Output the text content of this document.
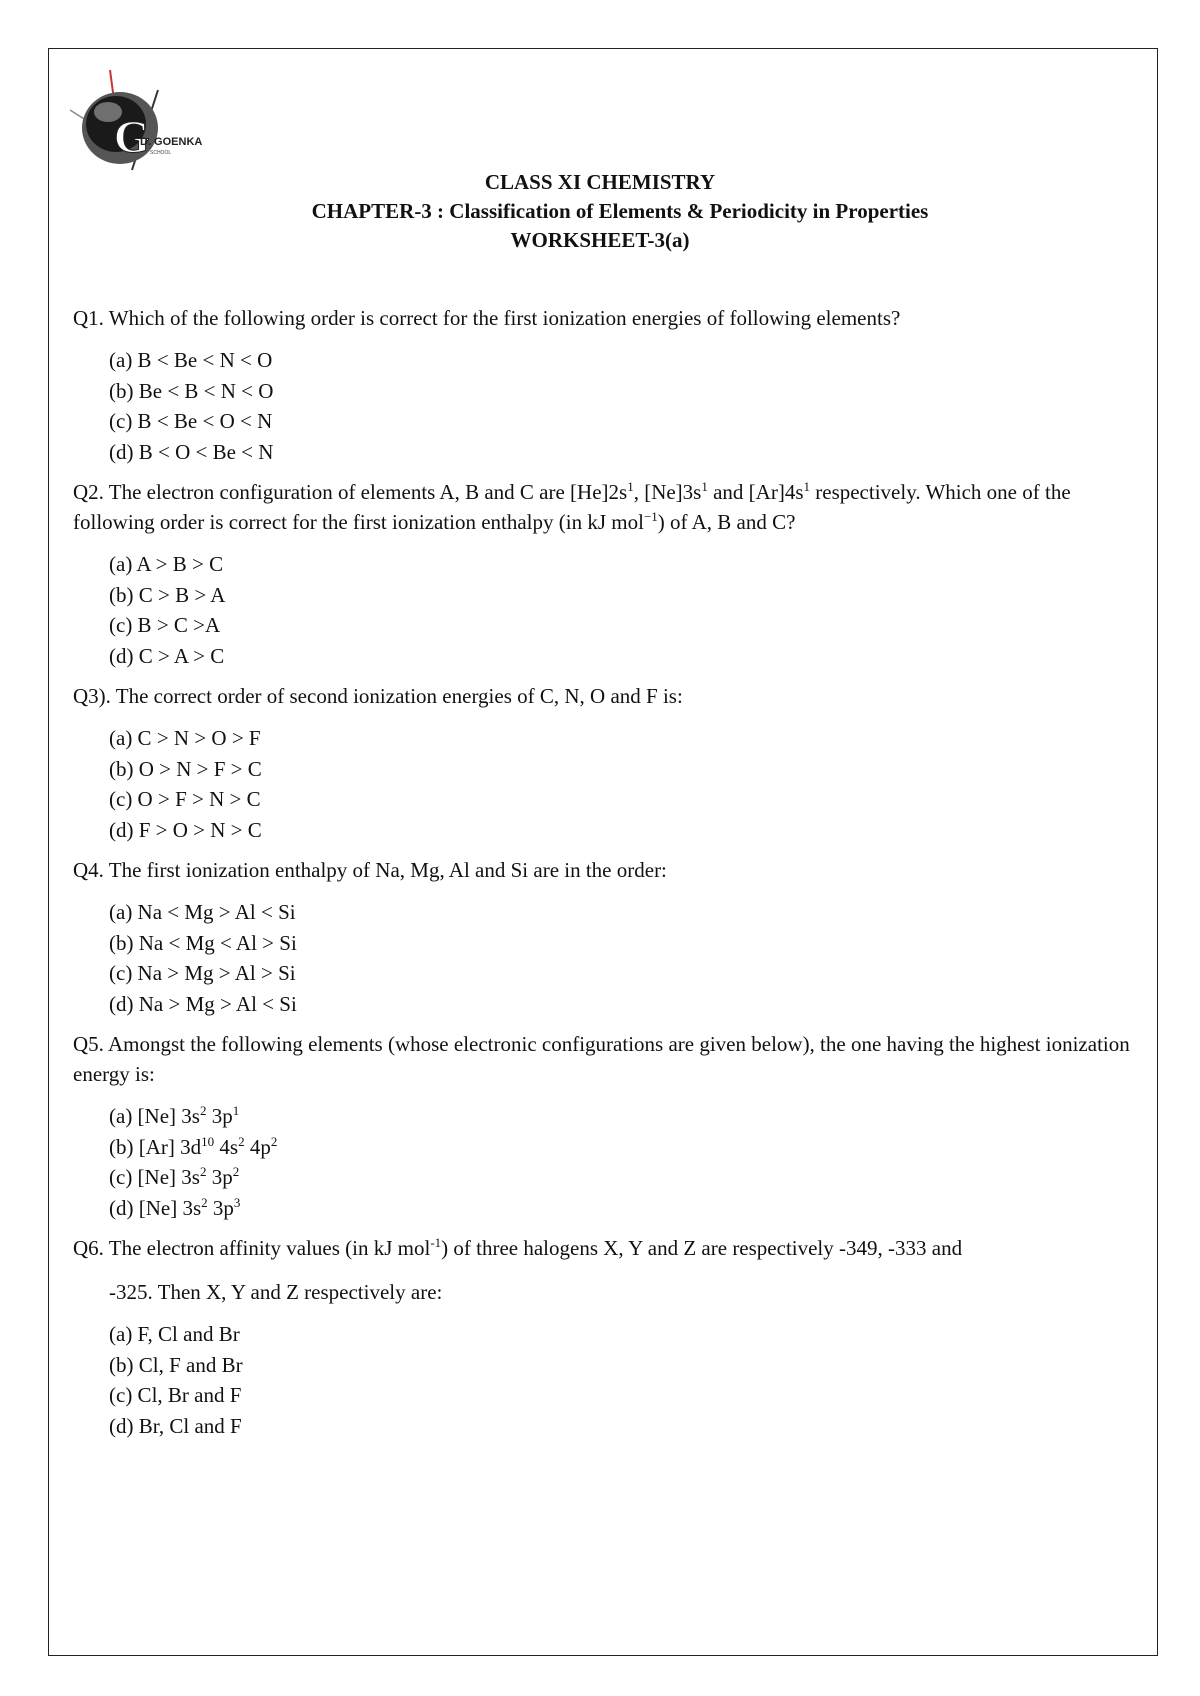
G
D. GOENKA
SCHOOL
CLASS XI CHEMISTRY
CHAPTER-3 : Classification of Elements & Periodicity in Properties
WORKSHEET-3(a)

Q1. Which of the following order is correct for the first ionization energies of following elements?

(a) B < Be < N < O
(b) Be < B < N < O
(c) B < Be < O < N
(d) B < O < Be < N

Q2. The electron configuration of elements A, B and C are $[He]2s^1$, $[Ne]3s^1$ and $[Ar]4s^1$ respectively. Which one of the following order is correct for the first ionization enthalpy (in kJ mol$^{-1}$) of A, B and C?

(a) A > B > C
(b) C > B > A
(c) B > C >A
(d) C > A > C

Q3). The correct order of second ionization energies of C, N, O and F is:

(a) C > N > O > F
(b) O > N > F > C
(c) O > F > N > C
(d) F > O > N > C

Q4. The first ionization enthalpy of Na, Mg, Al and Si are in the order:

(a) Na < Mg > Al < Si
(b) Na < Mg < Al > Si
(c) Na > Mg > Al > Si
(d) Na > Mg > Al < Si

Q5. Amongst the following elements (whose electronic configurations are given below), the one having the highest ionization energy is:

(a) [Ne] $3s^2$ $3p^1$
(b) [Ar] $3d^{10}$ $4s^2$ $4p^2$
(c) [Ne] $3s^2$ $3p^2$
(d) [Ne] $3s^2$ $3p^3$

Q6. The electron affinity values (in kJ mol$^{-1}$) of three halogens X, Y and Z are respectively -349, -333 and

-325. Then X, Y and Z respectively are:
(a) F, Cl and Br
(b) Cl, F and Br
(c) Cl, Br and F
(d) Br, Cl and F
